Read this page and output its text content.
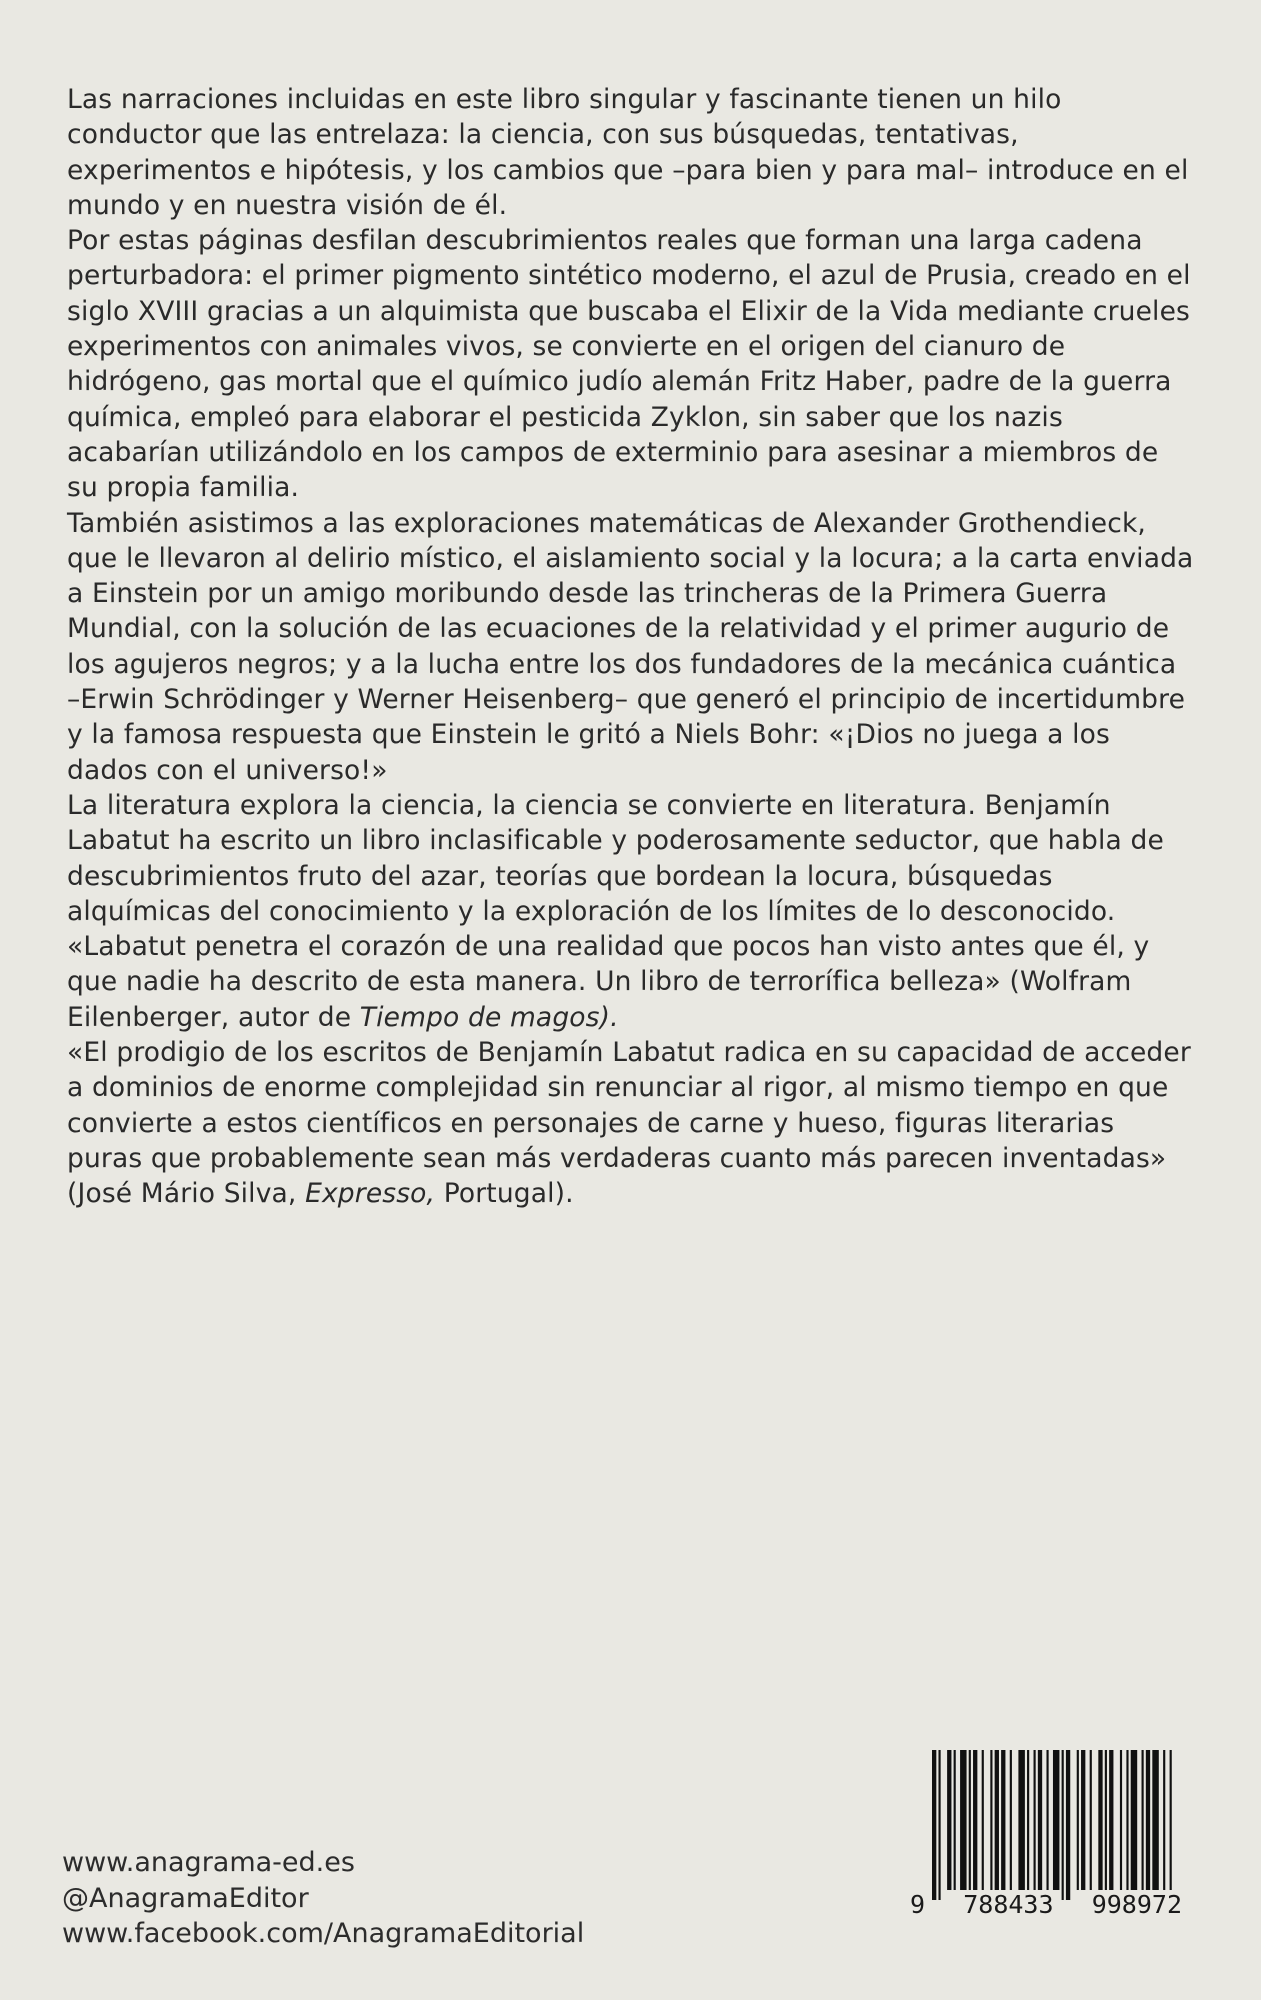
Las narraciones incluidas en este libro singular y fascinante tienen un hilo conductor que las entrelaza: la ciencia, con sus búsquedas, tentativas, experimentos e hipótesis, y los cambios que –para bien y para mal– introduce en el mundo y en nuestra visión de él.

Por estas páginas desfilan descubrimientos reales que forman una larga cadena perturbadora: el primer pigmento sintético moderno, el azul de Prusia, creado en el siglo XVIII gracias a un alquimista que buscaba el Elixir de la Vida mediante crueles experimentos con animales vivos, se convierte en el origen del cianuro de hidrógeno, gas mortal que el químico judío alemán Fritz Haber, padre de la guerra química, empleó para elaborar el pesticida Zyklon, sin saber que los nazis acabarían utilizándolo en los campos de exterminio para asesinar a miembros de su propia familia.

También asistimos a las exploraciones matemáticas de Alexander Grothendieck, que le llevaron al delirio místico, el aislamiento social y la locura; a la carta enviada a Einstein por un amigo moribundo desde las trincheras de la Primera Guerra Mundial, con la solución de las ecuaciones de la relatividad y el primer augurio de los agujeros negros; y a la lucha entre los dos fundadores de la mecánica cuántica –Erwin Schrödinger y Werner Heisenberg– que generó el principio de incertidumbre y la famosa respuesta que Einstein le gritó a Niels Bohr: «¡Dios no juega a los dados con el universo!»

La literatura explora la ciencia, la ciencia se convierte en literatura. Benjamín Labatut ha escrito un libro inclasificable y poderosamente seductor, que habla de descubrimientos fruto del azar, teorías que bordean la locura, búsquedas alquímicas del conocimiento y la exploración de los límites de lo desconocido.

«Labatut penetra el corazón de una realidad que pocos han visto antes que él, y que nadie ha descrito de esta manera. Un libro de terrorífica belleza» (Wolfram Eilenberger, autor de Tiempo de magos).

«El prodigio de los escritos de Benjamín Labatut radica en su capacidad de acceder a dominios de enorme complejidad sin renunciar al rigor, al mismo tiempo en que convierte a estos científicos en personajes de carne y hueso, figuras literarias puras que probablemente sean más verdaderas cuanto más parecen inventadas» (José Mário Silva, Expresso, Portugal).

www.anagrama-ed.es
@AnagramaEditor
www.facebook.com/AnagramaEditorial
9 788433 998972
